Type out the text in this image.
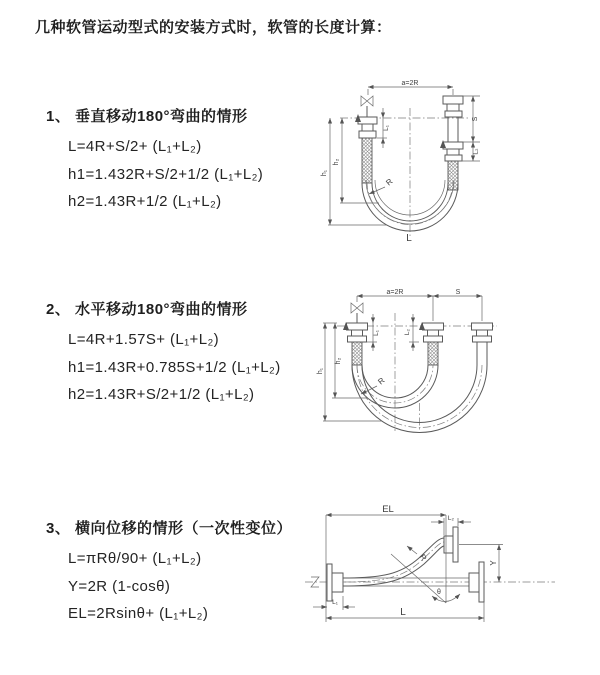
几种软管运动型式的安装方式时，软管的长度计算：
1、 垂直移动180°弯曲的情形
L=4R+S/2+ (L₁+L₂)
h1=1.432R+S/2+1/2 (L₁+L₂)
h2=1.43R+1/2 (L₁+L₂)
2、 水平移动180°弯曲的情形
L=4R+1.57S+ (L₁+L₂)
h1=1.43R+0.785S+1/2 (L₁+L₂)
h2=1.43R+S/2+1/2 (L₁+L₂)
3、 横向位移的情形（一次性变位）
L=πRθ/90+ (L₁+L₂)
Y=2R (1-cosθ)
EL=2Rsinθ+ (L₁+L₂)
a=2R
h₁
h₂
L₁
S
L₂
R
L
a=2R	S
h₁
h₂
L₁	L₂
R
θ
R
EL
L₂
Y
L
L₁
